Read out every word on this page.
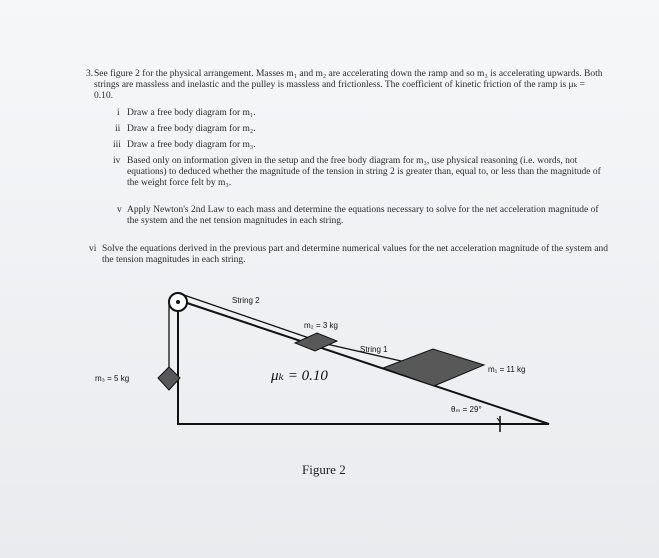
3. See figure 2 for the physical arrangement. Masses m₁ and m₂ are accelerating down the ramp and so m₃ is accelerating upwards. Both strings are massless and inelastic and the pulley is massless and frictionless. The coefficient of kinetic friction of the ramp is μₖ = 0.10.
i Draw a free body diagram for m₁.
ii Draw a free body diagram for m₂.
iii Draw a free body diagram for m₃.
iv Based only on information given in the setup and the free body diagram for m₃, use physical reasoning (i.e. words, not equations) to deduced whether the magnitude of the tension in string 2 is greater than, equal to, or less than the magnitude of the weight force felt by m₃.
v Apply Newton's 2nd Law to each mass and determine the equations necessary to solve for the net acceleration magnitude of the system and the net tension magnitudes in each string.
vi Solve the equations derived in the previous part and determine numerical values for the net acceleration magnitude of the system and the tension magnitudes in each string.
String 2
m₂ = 3 kg
String 1
m₁ = 11 kg
m₃ = 5 kg	μₖ = 0.10
θₘ = 29°
Figure 2
